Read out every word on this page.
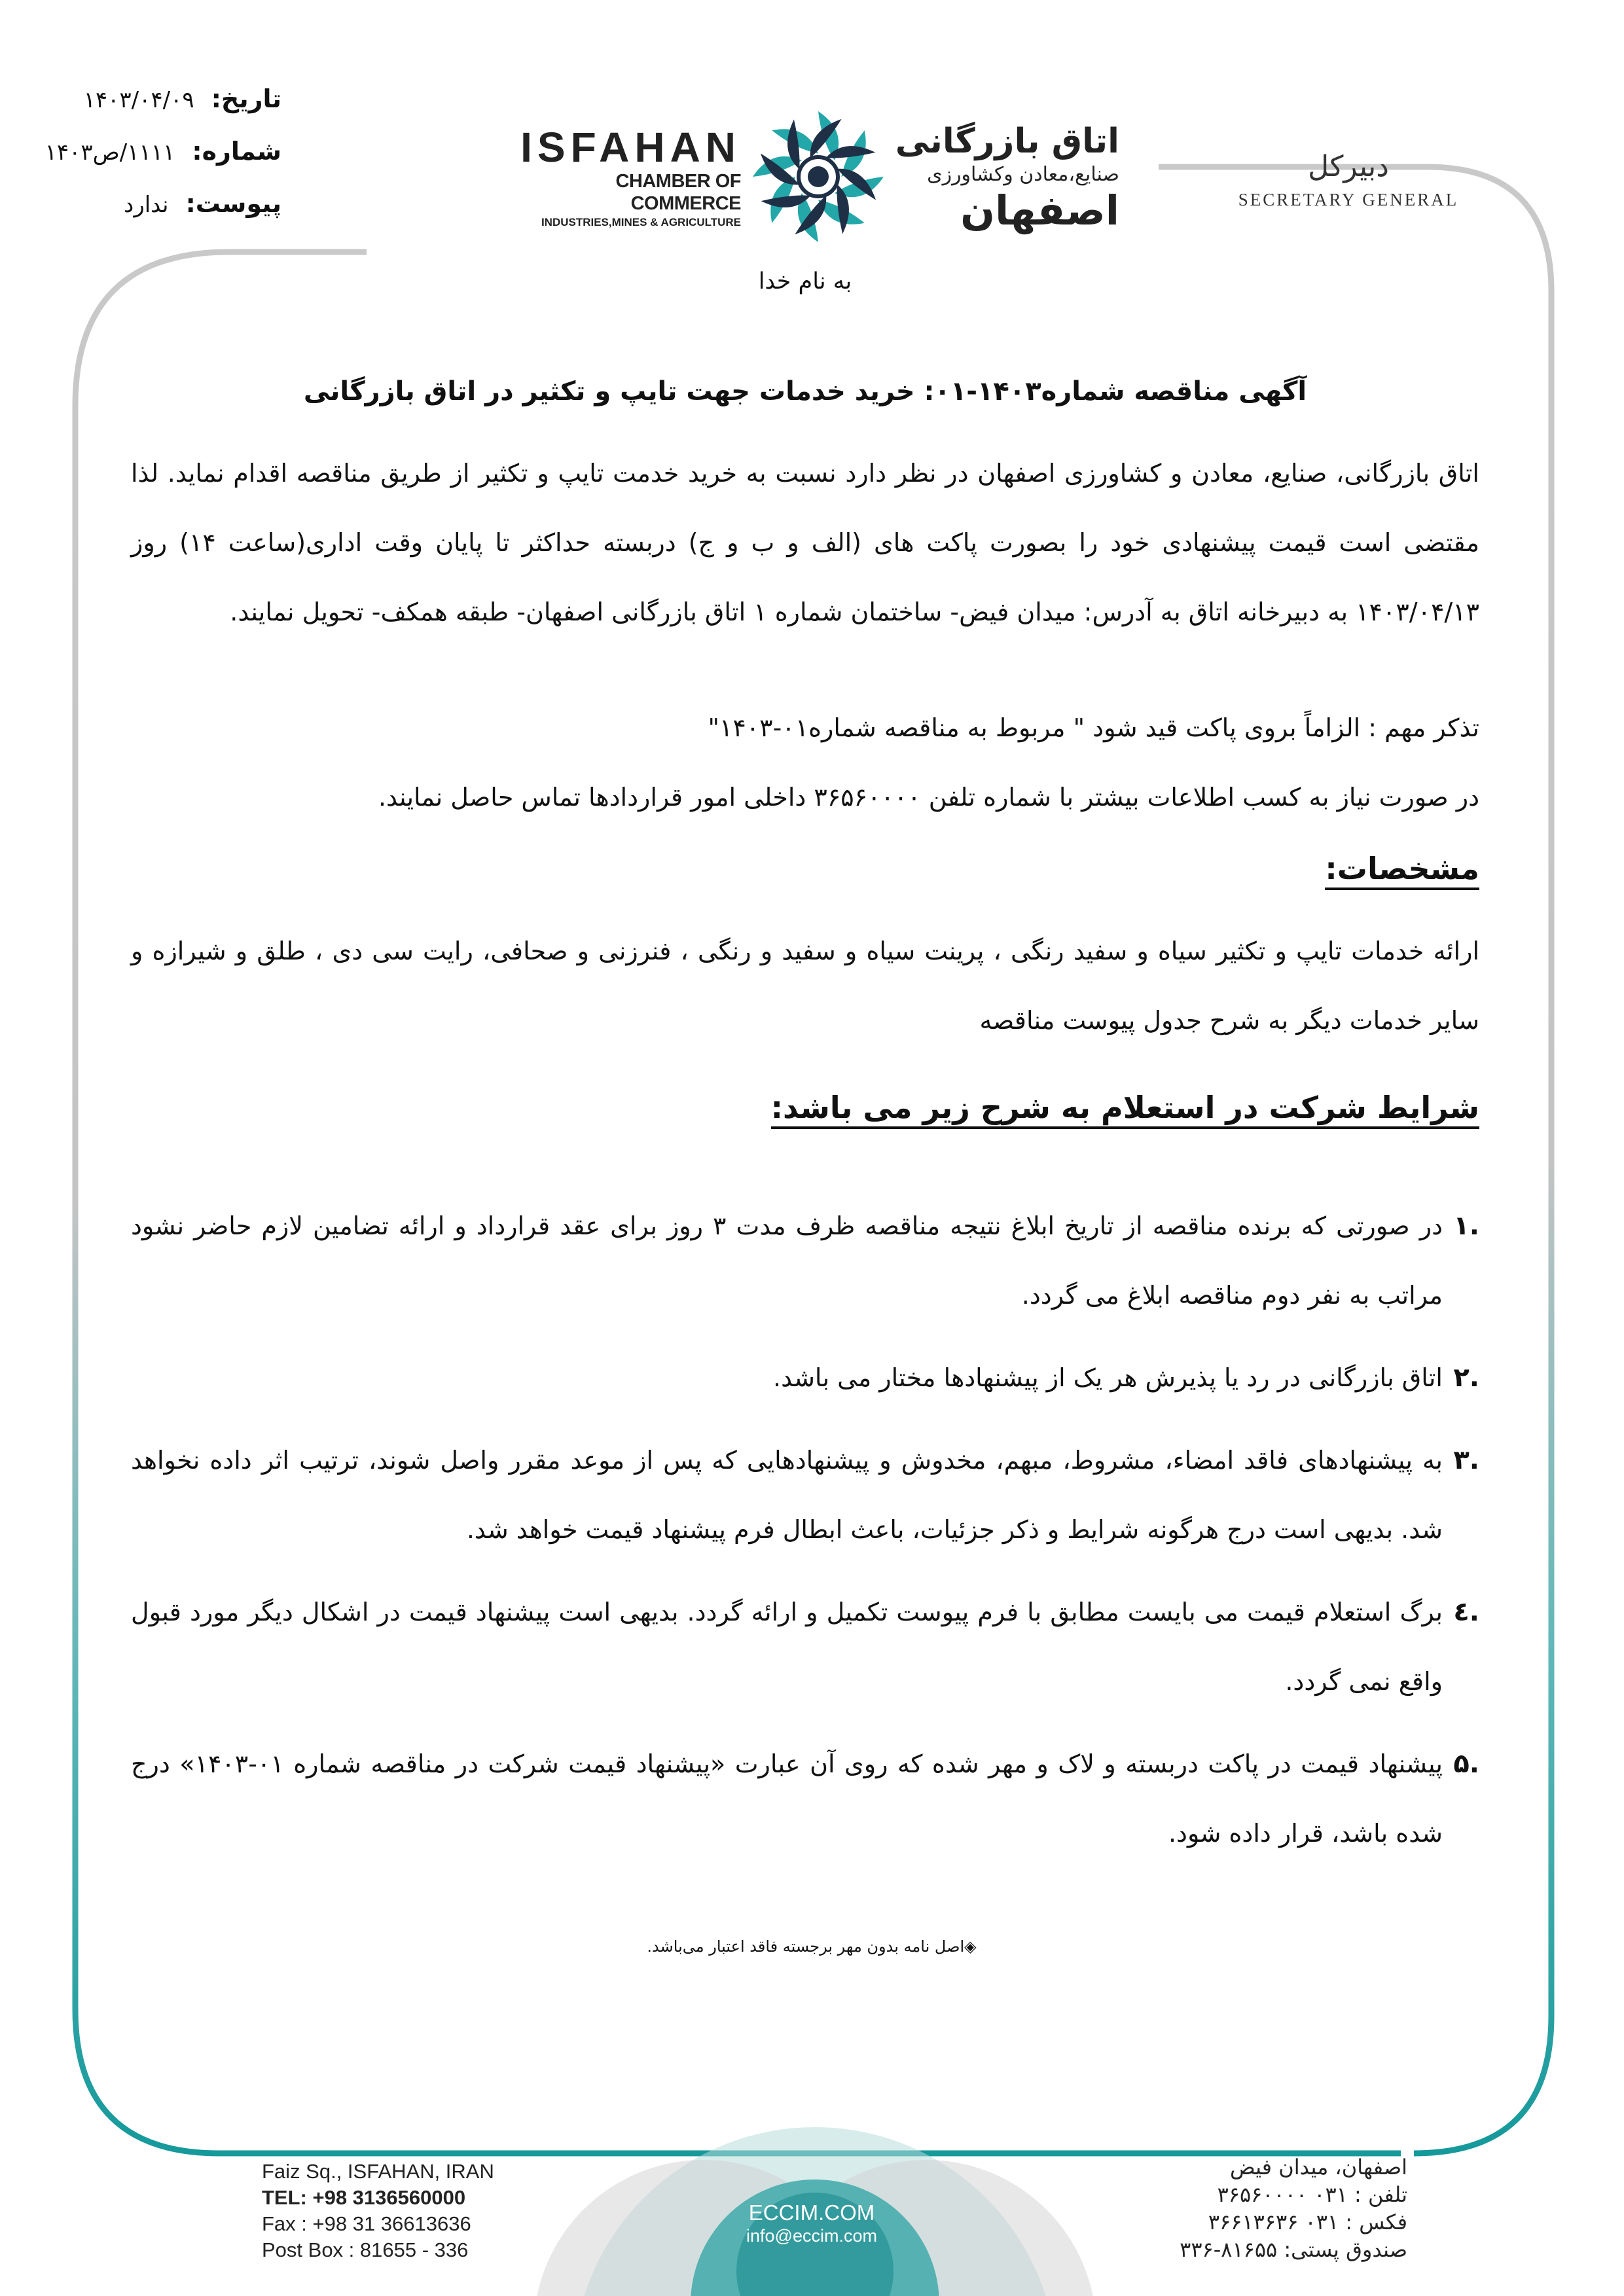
تاریخ: ۱۴۰۳/۰۴/۰۹
شماره: ۱۱۱۱/ص۱۴۰۳
پیوست: ندارد
ISFAHAN
CHAMBER OF COMMERCE
INDUSTRIES,MINES & AGRICULTURE
اتاق بازرگانی
صنایع،معادن وکشاورزی
اصفهان
دبیرکل
SECRETARY GENERAL
به نام خدا
آگهی مناقصه شماره۱۴۰۳-۰۱: خرید خدمات جهت تایپ و تکثیر در اتاق بازرگانی
اتاق بازرگانی، صنایع، معادن و کشاورزی اصفهان در نظر دارد نسبت به خرید خدمت تایپ و تکثیر از طریق مناقصه اقدام نماید. لذا مقتضی است قیمت پیشنهادی خود را بصورت پاکت های (الف و ب و ج) دربسته حداکثر تا پایان وقت اداری(ساعت ۱۴) روز ۱۴۰۳/۰۴/۱۳ به دبیرخانه اتاق به آدرس: میدان فیض- ساختمان شماره ۱ اتاق بازرگانی اصفهان- طبقه همکف- تحویل نمایند.
تذکر مهم : الزاماً بروی پاکت قید شود " مربوط به مناقصه شماره۰۱-۱۴۰۳"
در صورت نیاز به کسب اطلاعات بیشتر با شماره تلفن ۳۶۵۶۰۰۰۰ داخلی امور قراردادها تماس حاصل نمایند.
مشخصات:
ارائه خدمات تایپ و تکثیر سیاه و سفید رنگی ، پرینت سیاه و سفید و رنگی ، فنرزنی و صحافی، رایت سی دی ، طلق و شیرازه و سایر خدمات دیگر به شرح جدول پیوست مناقصه
شرایط شرکت در استعلام به شرح زیر می باشد:
.۱
در صورتی که برنده مناقصه از تاریخ ابلاغ نتیجه مناقصه ظرف مدت ۳ روز برای عقد قرارداد و ارائه تضامین لازم حاضر نشود مراتب به نفر دوم مناقصه ابلاغ می گردد.
.۲
اتاق بازرگانی در رد یا پذیرش هر یک از پیشنهادها مختار می باشد.
.۳
به پیشنهادهای فاقد امضاء، مشروط، مبهم، مخدوش و پیشنهادهایی که پس از موعد مقرر واصل شوند، ترتیب اثر داده نخواهد شد. بدیهی است درج هرگونه شرایط و ذکر جزئیات، باعث ابطال فرم پیشنهاد قیمت خواهد شد.
.٤
برگ استعلام قیمت می بایست مطابق با فرم پیوست تکمیل و ارائه گردد. بدیهی است پیشنهاد قیمت در اشکال دیگر مورد قبول واقع نمی گردد.
.۵
پیشنهاد قیمت در پاکت دربسته و لاک و مهر شده که روی آن عبارت «پیشنهاد قیمت شرکت در مناقصه شماره ۰۱-۱۴۰۳» درج شده باشد، قرار داده شود.
◈اصل نامه بدون مهر برجسته فاقد اعتبار می‌باشد.
Faiz Sq., ISFAHAN, IRAN
TEL: +98 3136560000
Fax : +98 31 36613636
Post Box : 81655 - 336
ECCIM.COM
info@eccim.com
اصفهان، میدان فیض
تلفن : ۰۳۱ ۳۶۵۶۰۰۰۰
فکس : ۰۳۱ ۳۶۶۱۳۶۳۶
صندوق پستی: ۸۱۶۵۵-۳۳۶
